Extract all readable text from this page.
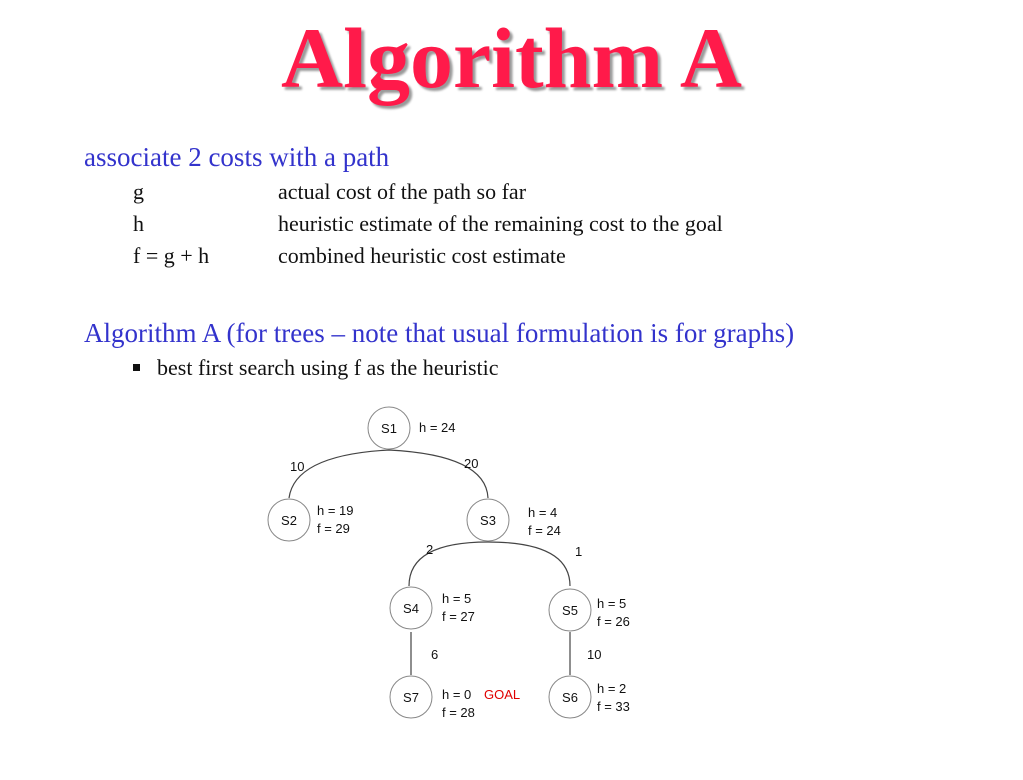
Algorithm A
associate 2 costs with a path
g	actual cost of the path so far
h	heuristic estimate of the remaining cost to the goal
f = g + h	combined heuristic cost estimate
Algorithm A (for trees – note that usual formulation is for graphs)
best first search using f as the heuristic
10	20
2	1
6	10
S1 h = 24
S2
h = 19
f = 29
S3
h = 4
f = 24
S4
h = 5
f = 27	S5 h = 5
f = 26
S7 h = 0 GOAL
f = 28
S6
h = 2
f = 33
